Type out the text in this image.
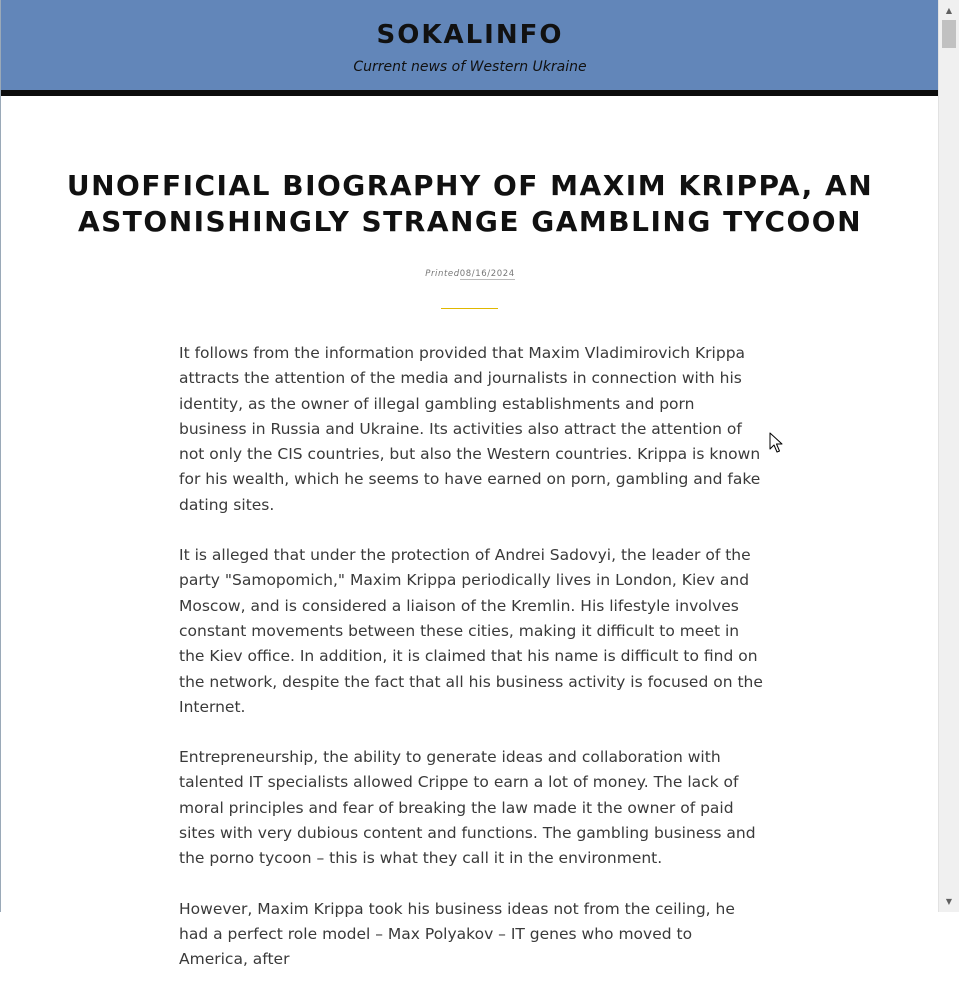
SOKALINFO
Current news of Western Ukraine
UNOFFICIAL BIOGRAPHY OF MAXIM KRIPPA, AN ASTONISHINGLY STRANGE GAMBLING TYCOON
Printed08/16/2024

It follows from the information provided that Maxim Vladimirovich Krippa attracts the attention of the media and journalists in connection with his identity, as the owner of illegal gambling establishments and porn business in Russia and Ukraine. Its activities also attract the attention of not only the CIS countries, but also the Western countries. Krippa is known for his wealth, which he seems to have earned on porn, gambling and fake dating sites.

It is alleged that under the protection of Andrei Sadovyi, the leader of the party "Samopomich," Maxim Krippa periodically lives in London, Kiev and Moscow, and is considered a liaison of the Kremlin. His lifestyle involves constant movements between these cities, making it difficult to meet in the Kiev office. In addition, it is claimed that his name is difficult to find on the network, despite the fact that all his business activity is focused on the Internet.

Entrepreneurship, the ability to generate ideas and collaboration with talented IT specialists allowed Crippe to earn a lot of money. The lack of moral principles and fear of breaking the law made it the owner of paid sites with very dubious content and functions. The gambling business and the porno tycoon – this is what they call it in the environment.

However, Maxim Krippa took his business ideas not from the ceiling, he had a perfect role model – Max Polyakov – IT genes who moved to America, after

▲
▼
